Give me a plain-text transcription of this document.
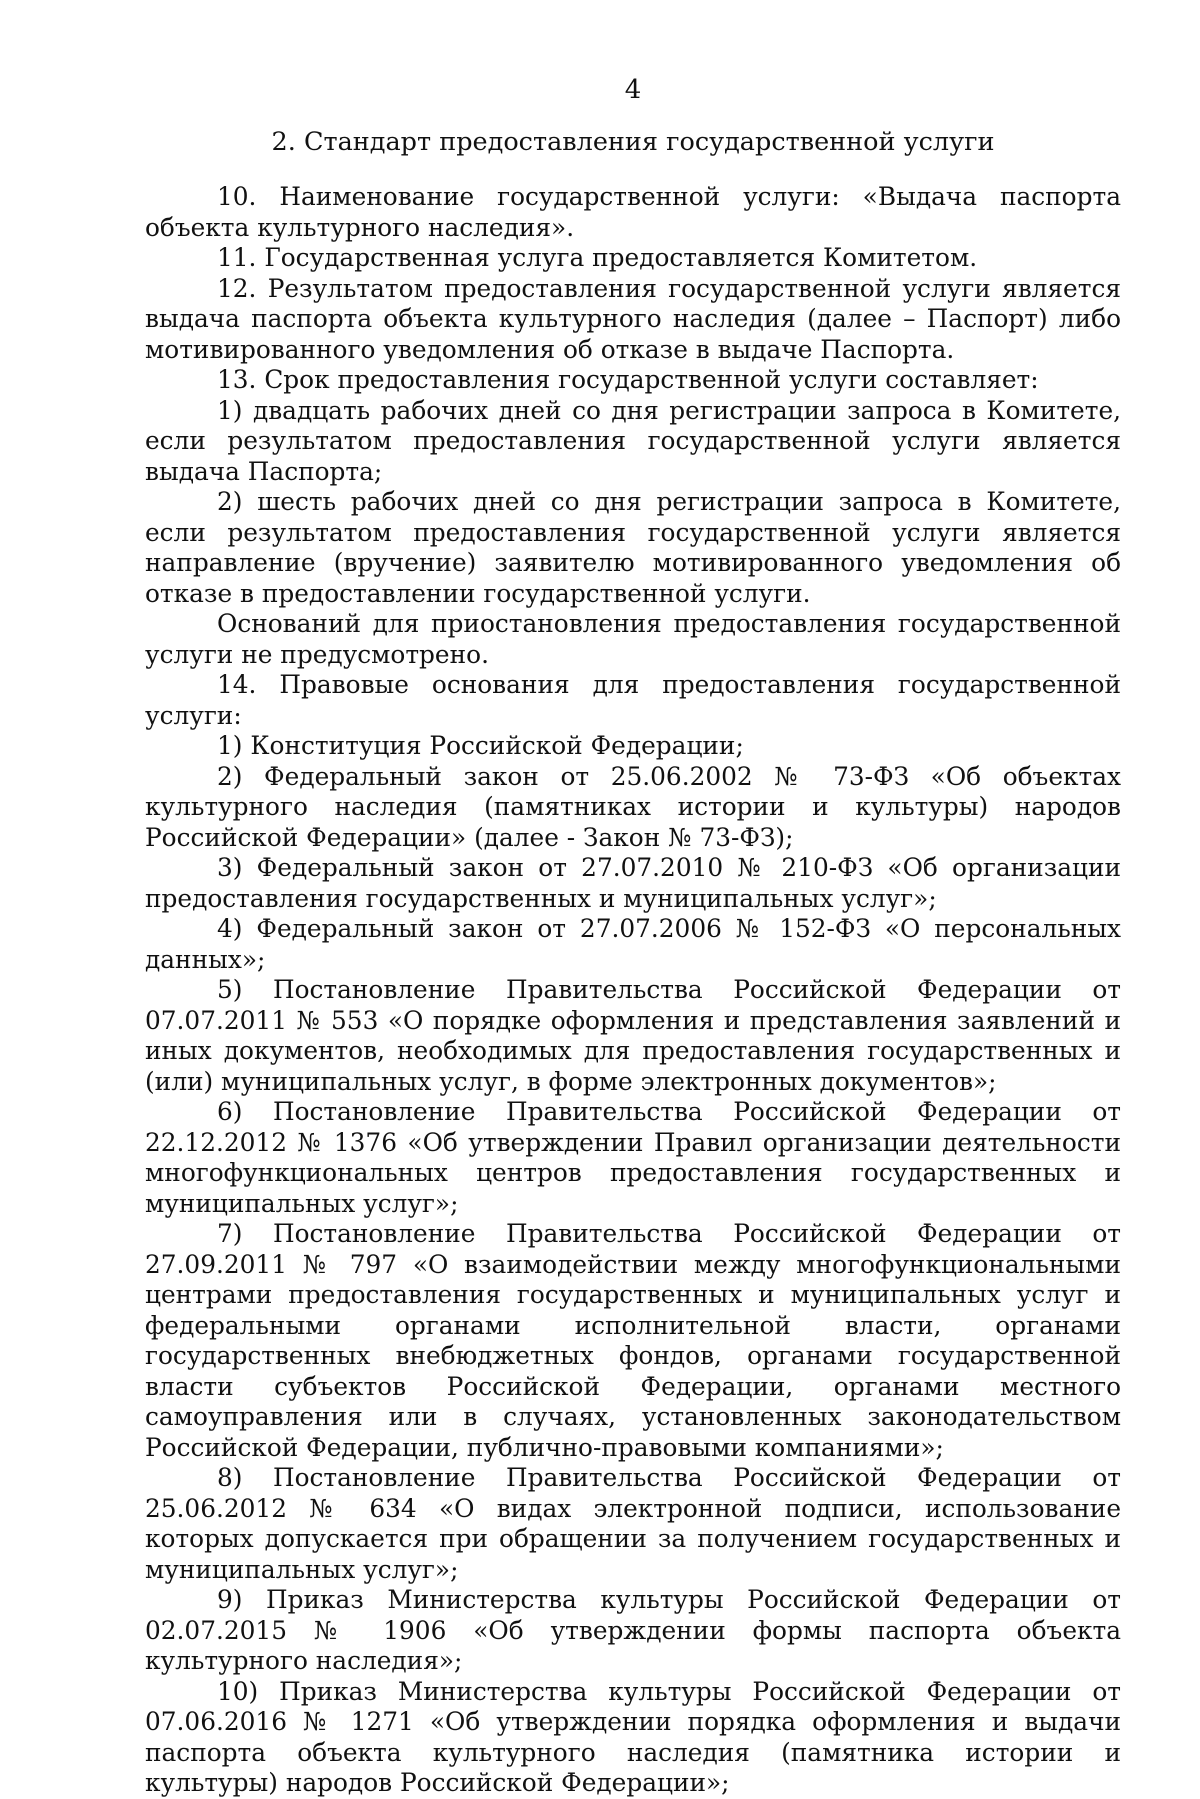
4
2. Стандарт предоставления государственной услуги

10. Наименование государственной услуги: «Выдача паспорта объекта культурного наследия».

11. Государственная услуга предоставляется Комитетом.

12. Результатом предоставления государственной услуги является выдача паспорта объекта культурного наследия (далее – Паспорт) либо мотивированного уведомления об отказе в выдаче Паспорта.

13. Срок предоставления государственной услуги составляет:

1) двадцать рабочих дней со дня регистрации запроса в Комитете, если результатом предоставления государственной услуги является выдача Паспорта;

2) шесть рабочих дней со дня регистрации запроса в Комитете, если результатом предоставления государственной услуги является направление (вручение) заявителю мотивированного уведомления об отказе в предоставлении государственной услуги.

Оснований для приостановления предоставления государственной услуги не предусмотрено.

14. Правовые основания для предоставления государственной услуги:

1) Конституция Российской Федерации;

2) Федеральный закон от 25.06.2002 № 73-ФЗ «Об объектах культурного наследия (памятниках истории и культуры) народов Российской Федерации» (далее - Закон № 73-ФЗ);

3) Федеральный закон от 27.07.2010 № 210-ФЗ «Об организации предоставления государственных и муниципальных услуг»;

4) Федеральный закон от 27.07.2006 № 152-ФЗ «О персональных данных»;

5) Постановление Правительства Российской Федерации от 07.07.2011 № 553 «О порядке оформления и представления заявлений и иных документов, необходимых для предоставления государственных и (или) муниципальных услуг, в форме электронных документов»;

6) Постановление Правительства Российской Федерации от 22.12.2012 № 1376 «Об утверждении Правил организации деятельности многофункциональных центров предоставления государственных и муниципальных услуг»;

7) Постановление Правительства Российской Федерации от 27.09.2011 № 797 «О взаимодействии между многофункциональными центрами предоставления государственных и муниципальных услуг и федеральными органами исполнительной власти, органами государственных внебюджетных фондов, органами государственной власти субъектов Российской Федерации, органами местного самоуправления или в случаях, установленных законодательством Российской Федерации, публично-правовыми компаниями»;

8) Постановление Правительства Российской Федерации от 25.06.2012 № 634 «О видах электронной подписи, использование которых допускается при обращении за получением государственных и муниципальных услуг»;

9) Приказ Министерства культуры Российской Федерации от 02.07.2015 № 1906 «Об утверждении формы паспорта объекта культурного наследия»;

10) Приказ Министерства культуры Российской Федерации от 07.06.2016 № 1271 «Об утверждении порядка оформления и выдачи паспорта объекта культурного наследия (памятника истории и культуры) народов Российской Федерации»;
